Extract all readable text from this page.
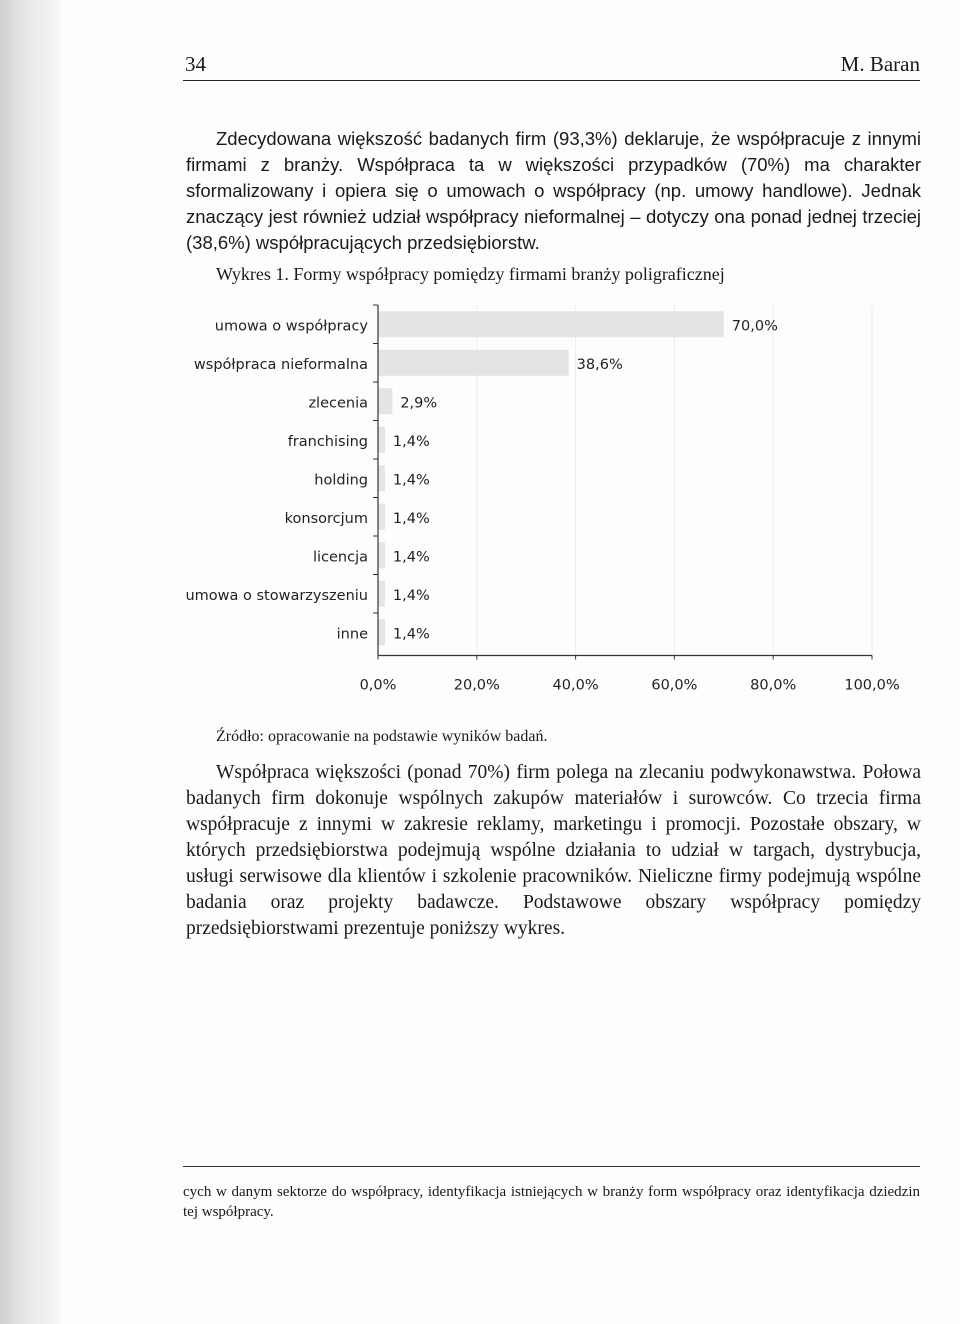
34	M. Baran
Zdecydowana większość badanych firm (93,3%) deklaruje, że współpracuje z innymi firmami z branży. Współpraca ta w większości przypadków (70%) ma charakter sformalizowany i opiera się o umowach o współpracy (np. umowy handlowe). Jednak znaczący jest również udział współpracy nieformalnej – dotyczy ona ponad jednej trzeciej (38,6%) współpracujących przedsiębiorstw.
Wykres 1. Formy współpracy pomiędzy firmami branży poligraficznej
umowa o współpracy	70,0%
współpraca nieformalna	38,6%
zlecenia 2,9%
franchising 1,4%
holding 1,4%
konsorcjum 1,4%
licencja 1,4%
umowa o stowarzyszeniu 1,4%
inne 1,4%
0,0%	20,0%	40,0%	60,0%	80,0%	100,0%
Źródło: opracowanie na podstawie wyników badań.
Współpraca większości (ponad 70%) firm polega na zlecaniu podwykonawstwa. Połowa badanych firm dokonuje wspólnych zakupów materiałów i surowców. Co trzecia firma współpracuje z innymi w zakresie reklamy, marketingu i promocji. Pozostałe obszary, w których przedsiębiorstwa podejmują wspólne działania to udział w targach, dystrybucja, usługi serwisowe dla klientów i szkolenie pracowników. Nieliczne firmy podejmują wspólne badania oraz projekty badawcze. Podstawowe obszary współpracy pomiędzy przedsiębiorstwami prezentuje poniższy wykres.
cych w danym sektorze do współpracy, identyfikacja istniejących w branży form współpracy oraz identyfikacja dziedzin tej współpracy.
